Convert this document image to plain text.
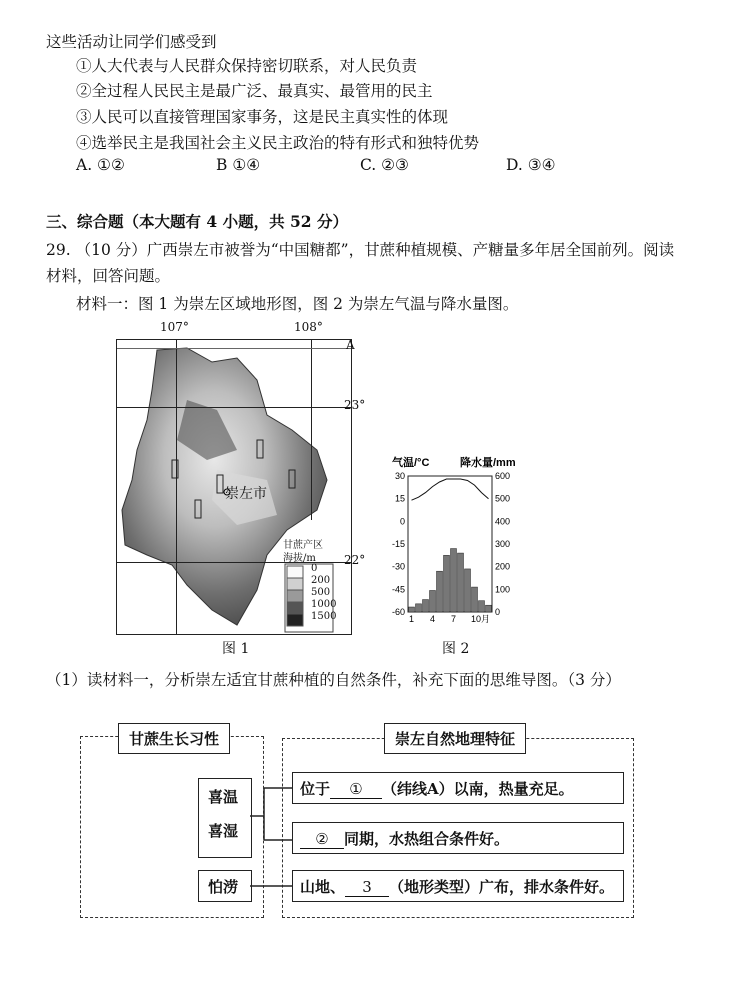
这些活动让同学们感受到
①人大代表与人民群众保持密切联系，对人民负责
②全过程人民民主是最广泛、最真实、最管用的民主
③人民可以直接管理国家事务，这是民主真实性的体现
④选举民主是我国社会主义民主政治的特有形式和独特优势
A. ①②	B ①④	C. ②③	D. ③④
三、综合题（本大题有 4 小题，共 52 分）
29. （10 分）广西崇左市被誉为“中国糖都”，甘蔗种植规模、产糖量多年居全国前列。阅读
材料，回答问题。
材料一：图 1 为崇左区域地形图，图 2 为崇左气温与降水量图。
107°	108°
崇左市
甘蔗产区
海拔/m
0
200
500
1000
1500
A
23°
22°
图 1
气温/°C	降水量/mm
30
15
0
-15
-30
-45
-60
600
500
400
300
200
100
0
1 4 7 10月
图 2
（1）读材料一，分析崇左适宜甘蔗种植的自然条件，补充下面的思维导图。（3 分）
甘蔗生长习性	崇左自然地理特征
喜温
喜湿
怕涝
位于 ① （纬线A）以南，热量充足。
② 同期，水热组合条件好。
山地、 3 （地形类型）广布，排水条件好。
